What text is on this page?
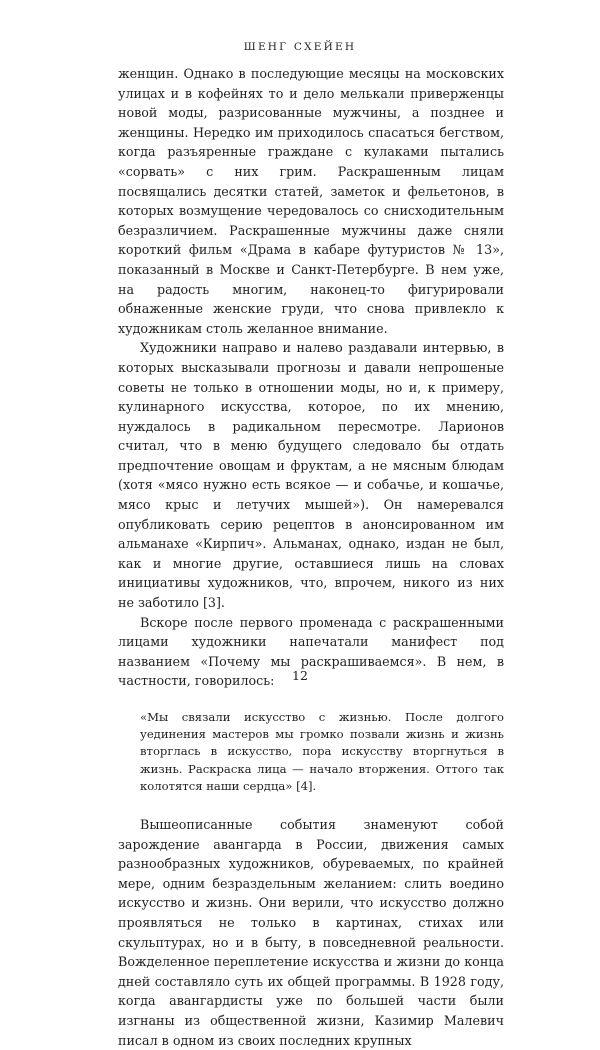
ШЕНГ СХЕЙЕН

женщин. Однако в последующие месяцы на московских улицах и в кофейнях то и дело мелькали приверженцы новой моды, разрисованные мужчины, а позднее и женщины. Нередко им приходилось спасаться бегством, когда разъяренные граждане с кулаками пытались «сорвать» с них грим. Раскрашенным лицам посвящались десятки статей, заметок и фельетонов, в которых возмущение чередовалось со снисходительным безразличием. Раскрашенные мужчины даже сняли короткий фильм «Драма в кабаре футуристов № 13», показанный в Москве и Санкт-Петербурге. В нем уже, на радость многим, наконец-то фигурировали обнаженные женские груди, что снова привлекло к художникам столь желанное внимание.

Художники направо и налево раздавали интервью, в которых высказывали прогнозы и давали непрошеные советы не только в отношении моды, но и, к примеру, кулинарного искусства, которое, по их мнению, нуждалось в радикальном пересмотре. Ларионов считал, что в меню будущего следовало бы отдать предпочтение овощам и фруктам, а не мясным блюдам (хотя «мясо нужно есть всякое — и собачье, и кошачье, мясо крыс и летучих мышей»). Он намеревался опубликовать серию рецептов в анонсированном им альманахе «Кирпич». Альманах, однако, издан не был, как и многие другие, оставшиеся лишь на словах инициативы художников, что, впрочем, никого из них не заботило [3].

Вскоре после первого променада с раскрашенными лицами художники напечатали манифест под названием «Почему мы раскрашиваемся». В нем, в частности, говорилось:

«Мы связали искусство с жизнью. После долгого уединения мастеров мы громко позвали жизнь и жизнь вторглась в искусство, пора искусству вторгнуться в жизнь. Раскраска лица — начало вторжения. Оттого так колотятся наши сердца» [4].

Вышеописанные события знаменуют собой зарождение авангарда в России, движения самых разнообразных художников, обуреваемых, по крайней мере, одним безраздельным желанием: слить воедино искусство и жизнь. Они верили, что искусство должно проявляться не только в картинах, стихах или скульптурах, но и в быту, в повседневной реальности. Вожделенное переплетение искусства и жизни до конца дней составляло суть их общей программы. В 1928 году, когда авангардисты уже по большей части были изгнаны из общественной жизни, Казимир Малевич писал в одном из своих последних крупных

12
